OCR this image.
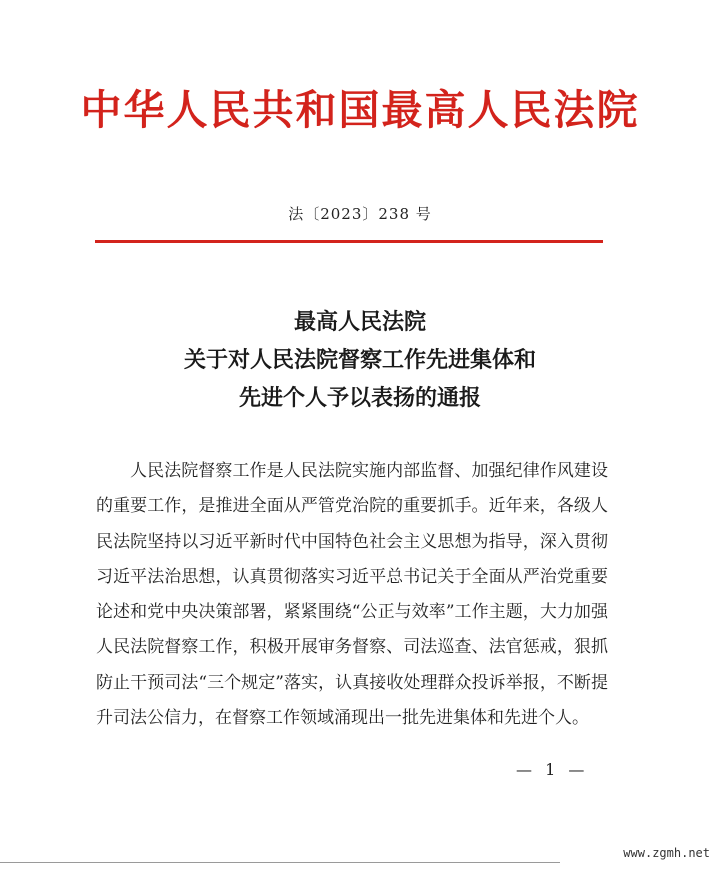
中华人民共和国最高人民法院
法〔2023〕238 号
最高人民法院
关于对人民法院督察工作先进集体和
先进个人予以表扬的通报

人民法院督察工作是人民法院实施内部监督、加强纪律作风建设的重要工作，是推进全面从严管党治院的重要抓手。近年来，各级人民法院坚持以习近平新时代中国特色社会主义思想为指导，深入贯彻习近平法治思想，认真贯彻落实习近平总书记关于全面从严治党重要论述和党中央决策部署，紧紧围绕“公正与效率”工作主题，大力加强人民法院督察工作，积极开展审务督察、司法巡查、法官惩戒，狠抓防止干预司法“三个规定”落实，认真接收处理群众投诉举报，不断提升司法公信力，在督察工作领域涌现出一批先进集体和先进个人。

— 1 —
www.zgmh.net
